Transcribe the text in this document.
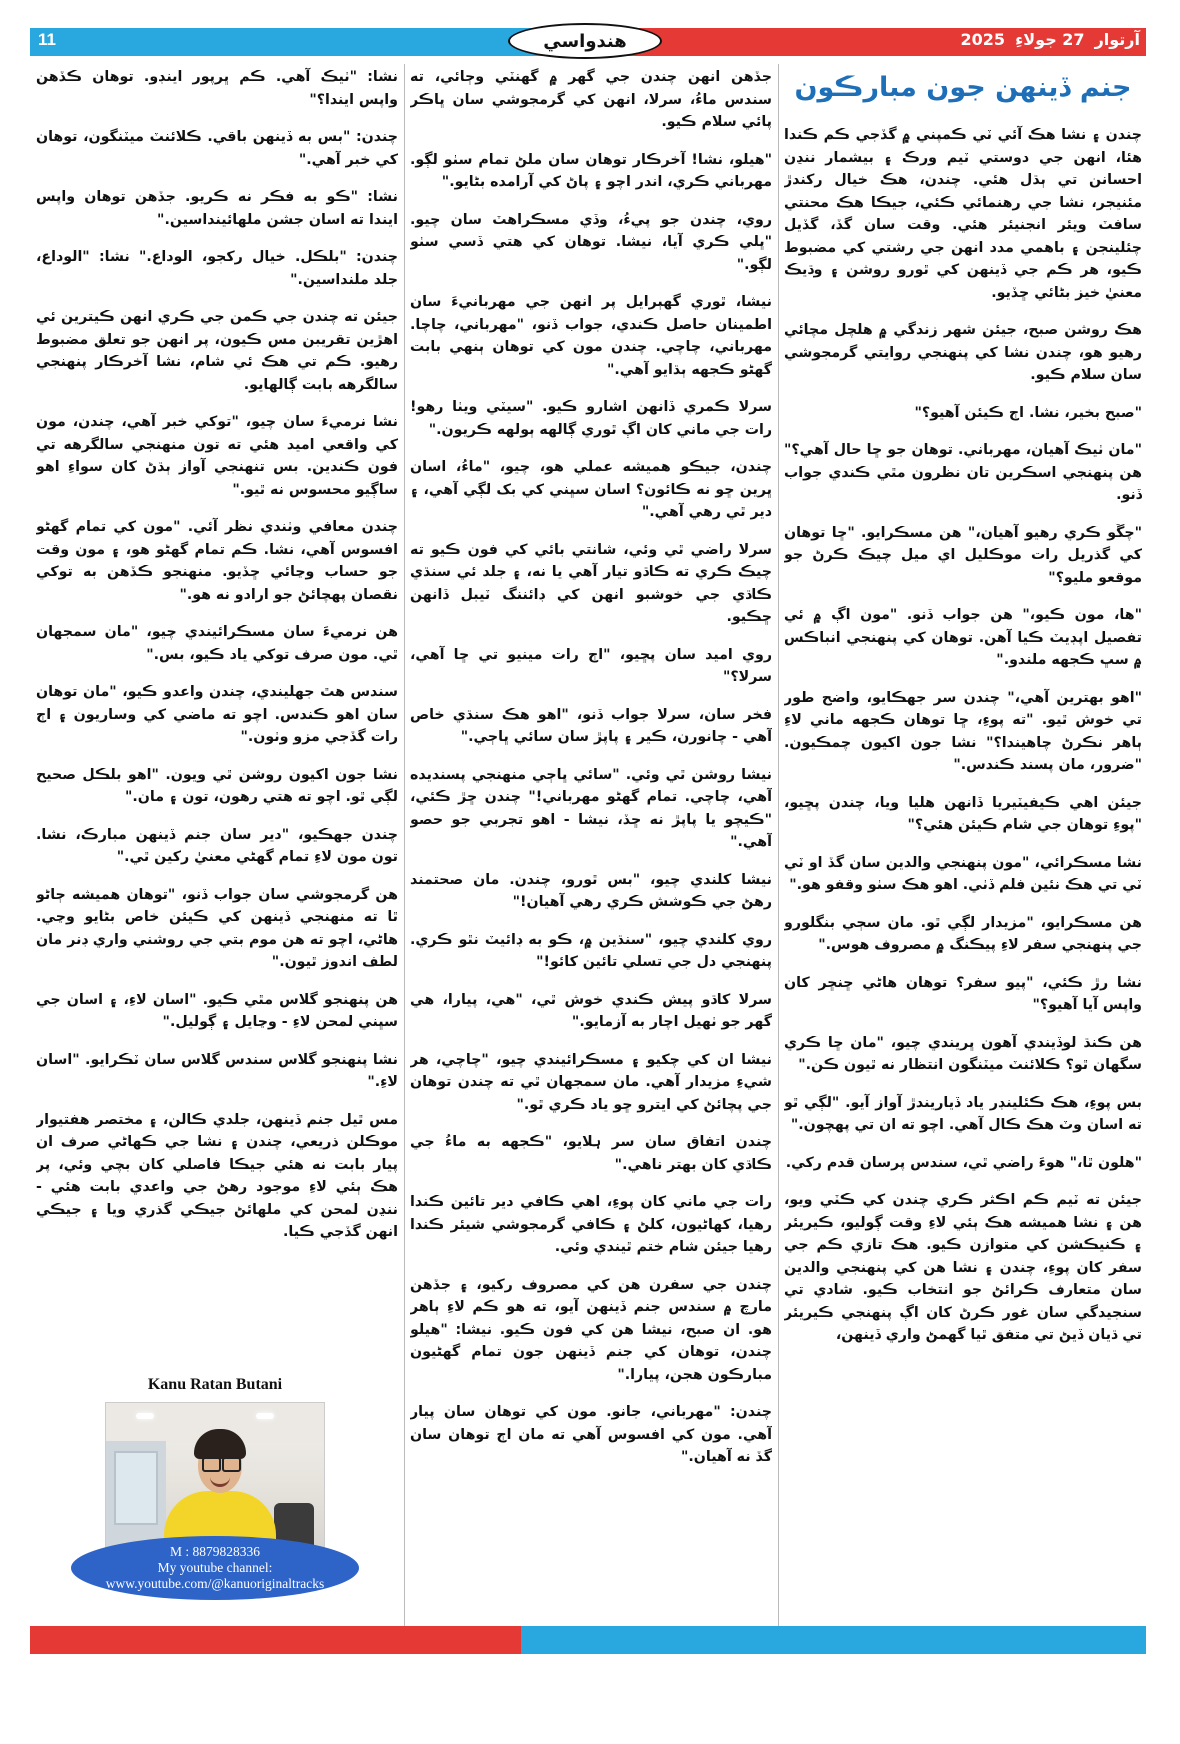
11	هندواسي	آرتوار
27 جولاءِ
2025
جنم ڏينهن جون مبارڪون

چندن ۽ نشا هڪ آئي ٽي ڪمپني ۾ گڏجي ڪم ڪندا هئا، انهن جي دوستي ٽيم ورڪ ۽ بيشمار ننڍن احسانن تي ٻڌل هئي. چندن، هڪ خيال رکندڙ مئنيجر، نشا جي رهنمائي ڪئي، جيڪا هڪ محنتي سافٽ ويئر انجنيئر هئي. وقت سان گڏ، گڏيل چئلينجن ۽ باهمي مدد انهن جي رشتي کي مضبوط ڪيو، هر ڪم جي ڏينهن کي ٿورو روشن ۽ وڌيڪ معنيٰ خيز بڻائي ڇڏيو.

هڪ روشن صبح، جيئن شهر زندگي ۾ هلچل مچائي رهيو هو، چندن نشا کي پنهنجي روايتي گرمجوشي سان سلام ڪيو.

"صبح بخير، نشا. اڄ ڪيئن آهيو؟"

"مان ٺيڪ آهيان، مهرباني. توهان جو ڇا حال آهي؟" هن پنهنجي اسڪرين تان نظرون مٿي ڪندي جواب ڏنو.

"چڱو ڪري رهيو آهيان،" هن مسڪرايو. "ڇا توهان کي گذريل رات موڪليل اي ميل چيڪ ڪرڻ جو موقعو مليو؟"

"ها، مون ڪيو،" هن جواب ڏنو. "مون اڳ ۾ ئي تفصيل اپڊيٽ ڪيا آهن. توهان کي پنهنجي انباڪس ۾ سڀ ڪجهه ملندو."

"اهو بهترين آهي،" چندن سر جهڪايو، واضح طور تي خوش ٿيو. "ته پوءِ، ڇا توهان ڪجهه ماني لاءِ ٻاهر نڪرڻ چاهيندا؟" نشا جون اکيون چمڪيون. "ضرور، مان پسند ڪندس."

جيئن اهي ڪيفيٽيريا ڏانهن هليا ويا، چندن پڇيو، "پوءِ توهان جي شام ڪيئن هئي؟"

نشا مسڪرائي، "مون پنهنجي والدين سان گڏ او ٽي ٽي تي هڪ نئين فلم ڏٺي. اهو هڪ سٺو وقفو هو."

هن مسڪرايو، "مزيدار لڳي ٿو. مان سڄي بنگلورو جي پنهنجي سفر لاءِ پيڪنگ ۾ مصروف هوس."

نشا رڙ ڪئي، "پيو سفر؟ توهان هاڻي ڇنڇر کان واپس آيا آهيو؟"

هن ڪنڌ لوڏيندي آهون ڀريندي چيو، "مان ڇا ڪري سگهان ٿو؟ ڪلائنٽ ميٽنگون انتظار نه ٿيون ڪن."

بس پوءِ، هڪ ڪئلينڊر ياد ڏياريندڙ آواز آيو. "لڳي ٿو ته اسان وٽ هڪ ڪال آهي. اچو ته ان تي پهچون."

"هلون ٿا،" هوءَ راضي ٿي، سندس پرسان قدم رکي.

جيئن ته ٽيم ڪم اڪثر ڪري چندن کي ڪٽي ويو، هن ۽ نشا هميشه هڪ ٻئي لاءِ وقت ڳوليو، ڪيريئر ۽ ڪنيڪشن کي متوازن ڪيو. هڪ تازي ڪم جي سفر کان پوءِ، چندن ۽ نشا هن کي پنهنجي والدين سان متعارف ڪرائڻ جو انتخاب ڪيو. شادي تي سنجيدگي سان غور ڪرڻ کان اڳ پنهنجي ڪيريئر تي ڌيان ڏيڻ تي متفق ٿيا گهمڻ واري ڏينهن،

جڏهن انهن چندن جي گهر ۾ گهنٽي وڄائي، ته سندس ماءُ، سرلا، انهن کي گرمجوشي سان ڀاڪر پائي سلام ڪيو.

"هيلو، نشا! آخرڪار توهان سان ملڻ تمام سٺو لڳو. مهرباني ڪري، اندر اچو ۽ پاڻ کي آرامده بڻايو."

روي، چندن جو پيءُ، وڏي مسڪراهٽ سان چيو. "ڀلي ڪري آيا، نيشا. توهان کي هتي ڏسي سٺو لڳو."

نيشا، ٿوري گهٻرايل پر انهن جي مهربانيءَ سان اطمينان حاصل ڪندي، جواب ڏنو، "مهرباني، چاچا. مهرباني، چاچي. چندن مون کي توهان ٻنهي بابت گهڻو ڪجهه ٻڌايو آهي."

سرلا ڪمري ڏانهن اشارو ڪيو. "سيٽي ويٺا رهو! رات جي ماني کان اڳ ٿوري ڳالهه ٻولهه ڪريون."

چندن، جيڪو هميشه عملي هو، چيو، "ماءُ، اسان ڀرين ڇو نه ڪائون؟ اسان سڀني کي بک لڳي آهي، ۽ دير ٿي رهي آهي."

سرلا راضي ٿي وئي، شانتي بائي کي فون ڪيو ته چيڪ ڪري ته ڪاڌو تيار آهي يا نه، ۽ جلد ئي سنڌي ڪاڌي جي خوشبو انهن کي ڊائننگ ٽيبل ڏانهن ڇڪيو.

روي اميد سان پڇيو، "اڄ رات مينيو تي ڇا آهي، سرلا؟"

فخر سان، سرلا جواب ڏنو، "اهو هڪ سنڌي خاص آهي - چانورن، ڪير ۽ پاپڙ سان سائي ڀاڄي."

نيشا روشن ٿي وئي. "سائي ڀاڄي منهنجي پسنديده آهي، چاچي. تمام گهڻو مهرباني!" چندن ڇڙ ڪئي، "ڪيچو يا پاپڙ نه ڇڏ، نيشا - اهو تجربي جو حصو آهي."

نيشا کلندي چيو، "بس ٿورو، چندن. مان صحتمند رهڻ جي ڪوشش ڪري رهي آهيان!"

روي کلندي چيو، "سنڌين ۾، ڪو به ڊائيٽ نٿو ڪري. پنهنجي دل جي تسلي تائين کائو!"

سرلا کاڌو پيش ڪندي خوش ٿي، "هي، پيارا، هي گهر جو ٺهيل اچار به آزمايو."

نيشا ان کي چکيو ۽ مسڪرائيندي چيو، "چاچي، هر شيءِ مزيدار آهي. مان سمجهان ٿي ته چندن توهان جي پچائڻ کي ايترو ڇو ياد ڪري ٿو."

چندن اتفاق سان سر ہلايو، "ڪجهه به ماءُ جي ڪاڌي کان بهتر ناهي."

رات جي ماني کان پوءِ، اهي ڪافي دير تائين ڪندا رهيا، کهاڻيون، کلڻ ۽ ڪافي گرمجوشي شيئر ڪندا رهيا جيئن شام ختم ٿيندي وئي.

چندن جي سفرن هن کي مصروف رکيو، ۽ جڏهن مارچ ۾ سندس جنم ڏينهن آيو، ته هو ڪم لاءِ ٻاهر هو. ان صبح، نيشا هن کي فون ڪيو. نيشا: "هيلو چندن، توهان کي جنم ڏينهن جون تمام گهڻيون مبارڪون هجن، پيارا."

چندن: "مهرباني، جانو. مون کي توهان سان پيار آهي. مون کي افسوس آهي ته مان اڄ توهان سان گڏ نه آهيان."

نشا: "ٺيڪ آهي. ڪم ڀرپور اينڊو. توهان ڪڏهن واپس ايندا؟"

چندن: "بس به ڏينهن باقي. ڪلائنٽ ميٽنگون، توهان کي خبر آهي."

نشا: "ڪو به فڪر نه ڪريو. جڏهن توهان واپس ايندا ته اسان جشن ملهائينداسين."

چندن: "بلڪل. خيال رکجو، الوداع." نشا: "الوداع، جلد ملنداسين."

جيئن ته چندن جي ڪمن جي ڪري انهن ڪيترين ئي اهڙين تقريبن مس ڪيون، پر انهن جو تعلق مضبوط رهيو. ڪم تي هڪ ئي شام، نشا آخرڪار پنهنجي سالگرهه بابت ڳالهايو.

نشا نرميءَ سان چيو، "توکي خبر آهي، چندن، مون کي واقعي اميد هئي ته تون منهنجي سالگرهه تي فون ڪندين. بس تنهنجي آواز ٻڌڻ کان سواءِ اهو ساڳيو محسوس نه ٿيو."

چندن معافي وٺندي نظر آئي. "مون کي تمام گهڻو افسوس آهي، نشا. ڪم تمام گهڻو هو، ۽ مون وقت جو حساب وڃائي ڇڏيو. منهنجو ڪڏهن به توکي نقصان پهچائڻ جو ارادو نه هو."

هن نرميءَ سان مسڪرائيندي چيو، "مان سمجهان ٿي. مون صرف توکي ياد ڪيو، بس."

سندس هٿ جهليندي، چندن واعدو ڪيو، "مان توهان سان اهو ڪندس. اچو ته ماضي کي وساريون ۽ اڄ رات گڏجي مزو وٺون."

نشا جون اکيون روشن ٿي ويون. "اهو بلڪل صحيح لڳي ٿو. اچو ته هتي رهون، تون ۽ مان."

چندن جهڪيو، "دير سان جنم ڏينهن مبارڪ، نشا. تون مون لاءِ تمام گهڻي معنيٰ رکين ٿي."

هن گرمجوشي سان جواب ڏنو، "توهان هميشه ڄاڻو ٿا ته منهنجي ڏينهن کي ڪيئن خاص بڻايو وڃي. هاڻي، اچو ته هن موم بتي جي روشني واري ڊنر مان لطف اندوز ٿيون."

هن پنهنجو گلاس مٿي ڪيو. "اسان لاءِ، ۽ اسان جي سڀني لمحن لاءِ - وڃايل ۽ ڳوليل."

نشا پنهنجو گلاس سندس گلاس سان ٽڪرايو. "اسان لاءِ."

مس ٿيل جنم ڏينهن، جلدي ڪالن، ۽ مختصر هفتيوار موڪلن ذريعي، چندن ۽ نشا جي ڪهاڻي صرف ان پيار بابت نه هئي جيڪا فاصلي کان بچي وئي، پر هڪ ٻئي لاءِ موجود رهڻ جي واعدي بابت هئي - ننڍن لمحن کي ملهائڻ جيڪي گذري ويا ۽ جيڪي انهن گڏجي ڪيا.

Kanu Ratan Butani
M : 8879828336
My youtube channel:
www.youtube.com/@kanuoriginaltracks
